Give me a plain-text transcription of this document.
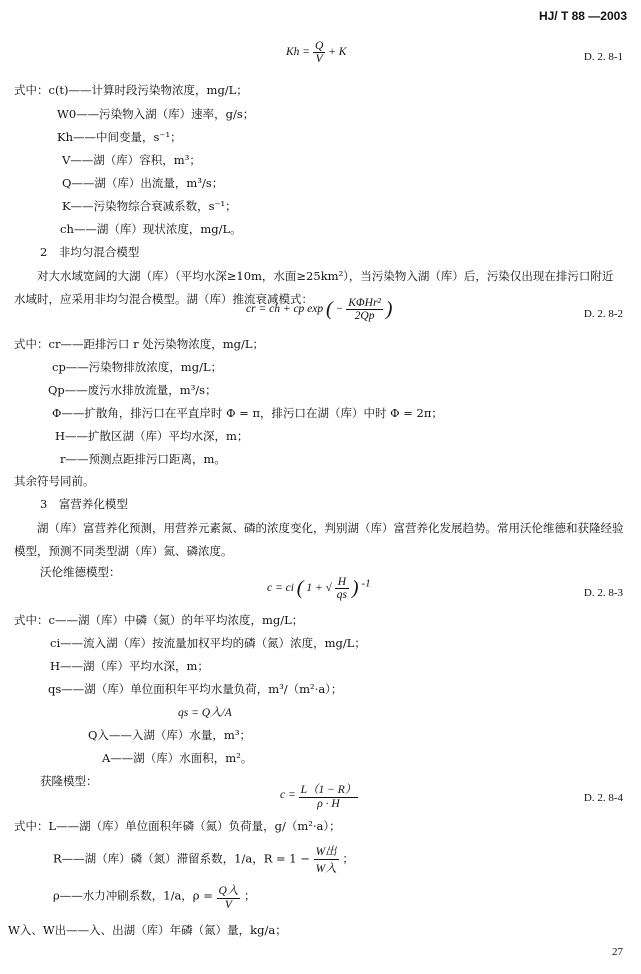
HJ/ T 88 —2003
$Kh = \frac{Q}{V} + K$	D. 2. 8-1
式中：c(t)——计算时段污染物浓度，mg/L；
W0——污染物入湖（库）速率，g/s；
Kh——中间变量，s⁻¹；
V——湖（库）容积，m³；
Q——湖（库）出流量，m³/s；
K——污染物综合衰减系数，s⁻¹；
ch——湖（库）现状浓度，mg/L。
2　非均匀混合模型
对大水域宽阔的大湖（库）（平均水深≥10m，水面≥25km²），当污染物入湖（库）后，污染仅出现在排污口附近水域时，应采用非均匀混合模型。湖（库）推流衰减模式：
cr = ch + cp exp ( − $\frac{\text{KΦHr²}}{2Qp}$ )	D. 2. 8-2
式中：cr——距排污口 r 处污染物浓度，mg/L；
cp——污染物排放浓度，mg/L；
Qp——废污水排放流量，m³/s；
Φ——扩散角，排污口在平直岸时 Φ = π，排污口在湖（库）中时 Φ = 2π；
H——扩散区湖（库）平均水深，m；
r——预测点距排污口距离，m。
其余符号同前。
3　富营养化模型
湖（库）富营养化预测，用营养元素氮、磷的浓度变化，判别湖（库）富营养化发展趋势。常用沃伦维德和获隆经验模型，预测不同类型湖（库）氮、磷浓度。
沃伦维德模型：
c = ci ( 1 + √ $\frac{H}{qs}$ ) $^{-1}$
D. 2. 8-3
式中：c——湖（库）中磷（氮）的年平均浓度，mg/L；
ci——流入湖（库）按流量加权平均的磷（氮）浓度，mg/L；
H——湖（库）平均水深，m；
qs——湖（库）单位面积年平均水量负荷，m³/（m²·a）；
qs = Q入/A
Q入——入湖（库）水量，m³；
A——湖（库）水面积，m²。
获隆模型：
$c = \frac{L(1 - R)}{\rho \cdot H}$	D. 2. 8-4
式中：L——湖（库）单位面积年磷（氮）负荷量，g/（m²·a）；
R——湖（库）磷（氮）滞留系数，1/a，$R = 1 - \frac{\text{W出}}{\text{W入}}$ ；
ρ——水力冲刷系数，1/a，$\rho = \frac{\text{Q入}}{V}$ ；
W入、W出——入、出湖（库）年磷（氮）量，kg/a；
27
